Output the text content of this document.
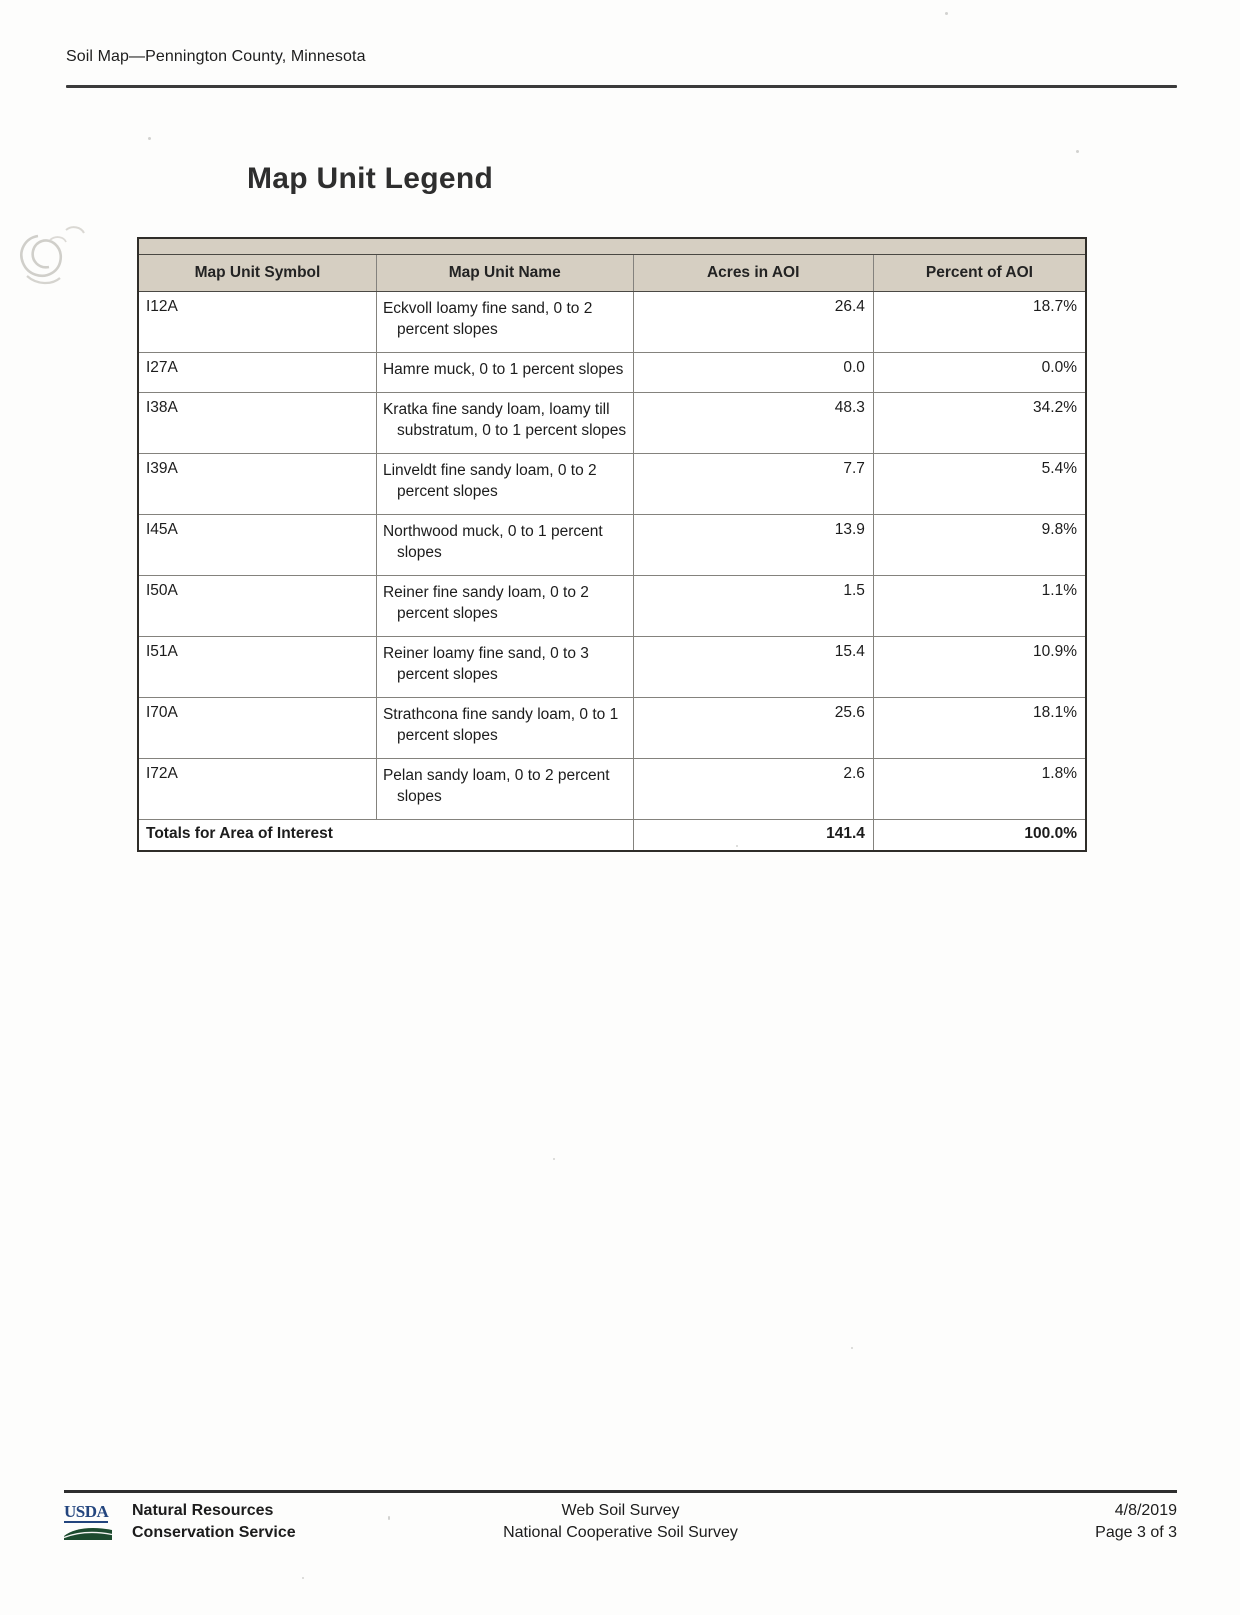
Soil Map—Pennington County, Minnesota
Map Unit Legend

Map Unit Symbol	Map Unit Name	Acres in AOI	Percent of AOI
I12A	Eckvoll loamy fine sand, 0 to 2 percent slopes	26.4	18.7%
I27A	Hamre muck, 0 to 1 percent slopes	0.0	0.0%
I38A	Kratka fine sandy loam, loamy till substratum, 0 to 1 percent slopes	48.3	34.2%
I39A	Linveldt fine sandy loam, 0 to 2 percent slopes	7.7	5.4%
I45A	Northwood muck, 0 to 1 percent slopes	13.9	9.8%
I50A	Reiner fine sandy loam, 0 to 2 percent slopes	1.5	1.1%
I51A	Reiner loamy fine sand, 0 to 3 percent slopes	15.4	10.9%
I70A	Strathcona fine sandy loam, 0 to 1 percent slopes	25.6	18.1%
I72A	Pelan sandy loam, 0 to 2 percent slopes	2.6	1.8%
Totals for Area of Interest		141.4	100.0%
USDA	Natural Resources
Conservation Service
Web Soil Survey
National Cooperative Soil Survey
4/8/2019
Page 3 of 3
